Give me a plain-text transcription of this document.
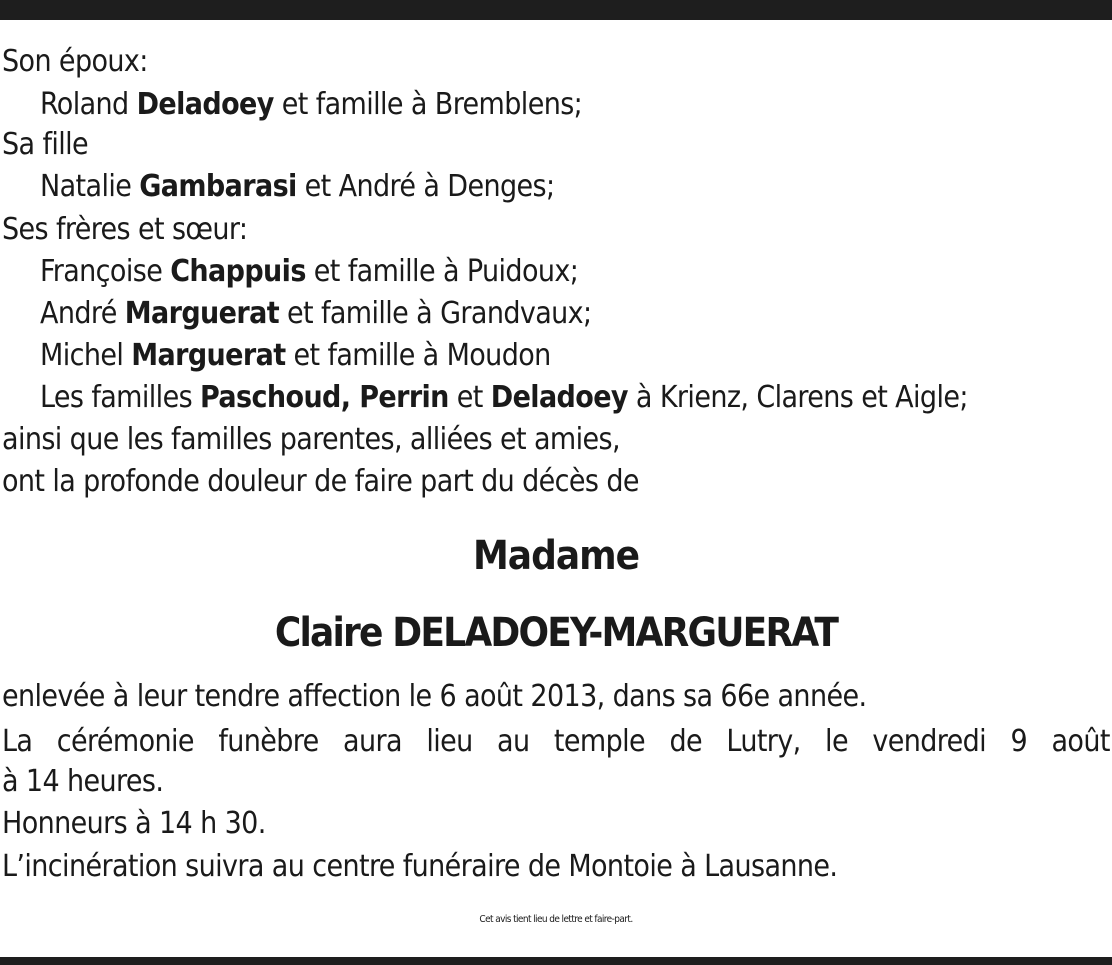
Son époux:
Roland Deladoey et famille à Bremblens;
Sa fille
Natalie Gambarasi et André à Denges;
Ses frères et sœur:
Françoise Chappuis et famille à Puidoux;
André Marguerat et famille à Grandvaux;
Michel Marguerat et famille à Moudon
Les familles Paschoud, Perrin et Deladoey à Krienz, Clarens et Aigle;
ainsi que les familles parentes, alliées et amies,
ont la profonde douleur de faire part du décès de
Madame
Claire DELADOEY-MARGUERAT
enlevée à leur tendre affection le 6 août 2013, dans sa 66e année.
La cérémonie funèbre aura lieu au temple de Lutry, le vendredi 9 août
à 14 heures.
Honneurs à 14 h 30.
L’incinération suivra au centre funéraire de Montoie à Lausanne.
Cet avis tient lieu de lettre et faire-part.
